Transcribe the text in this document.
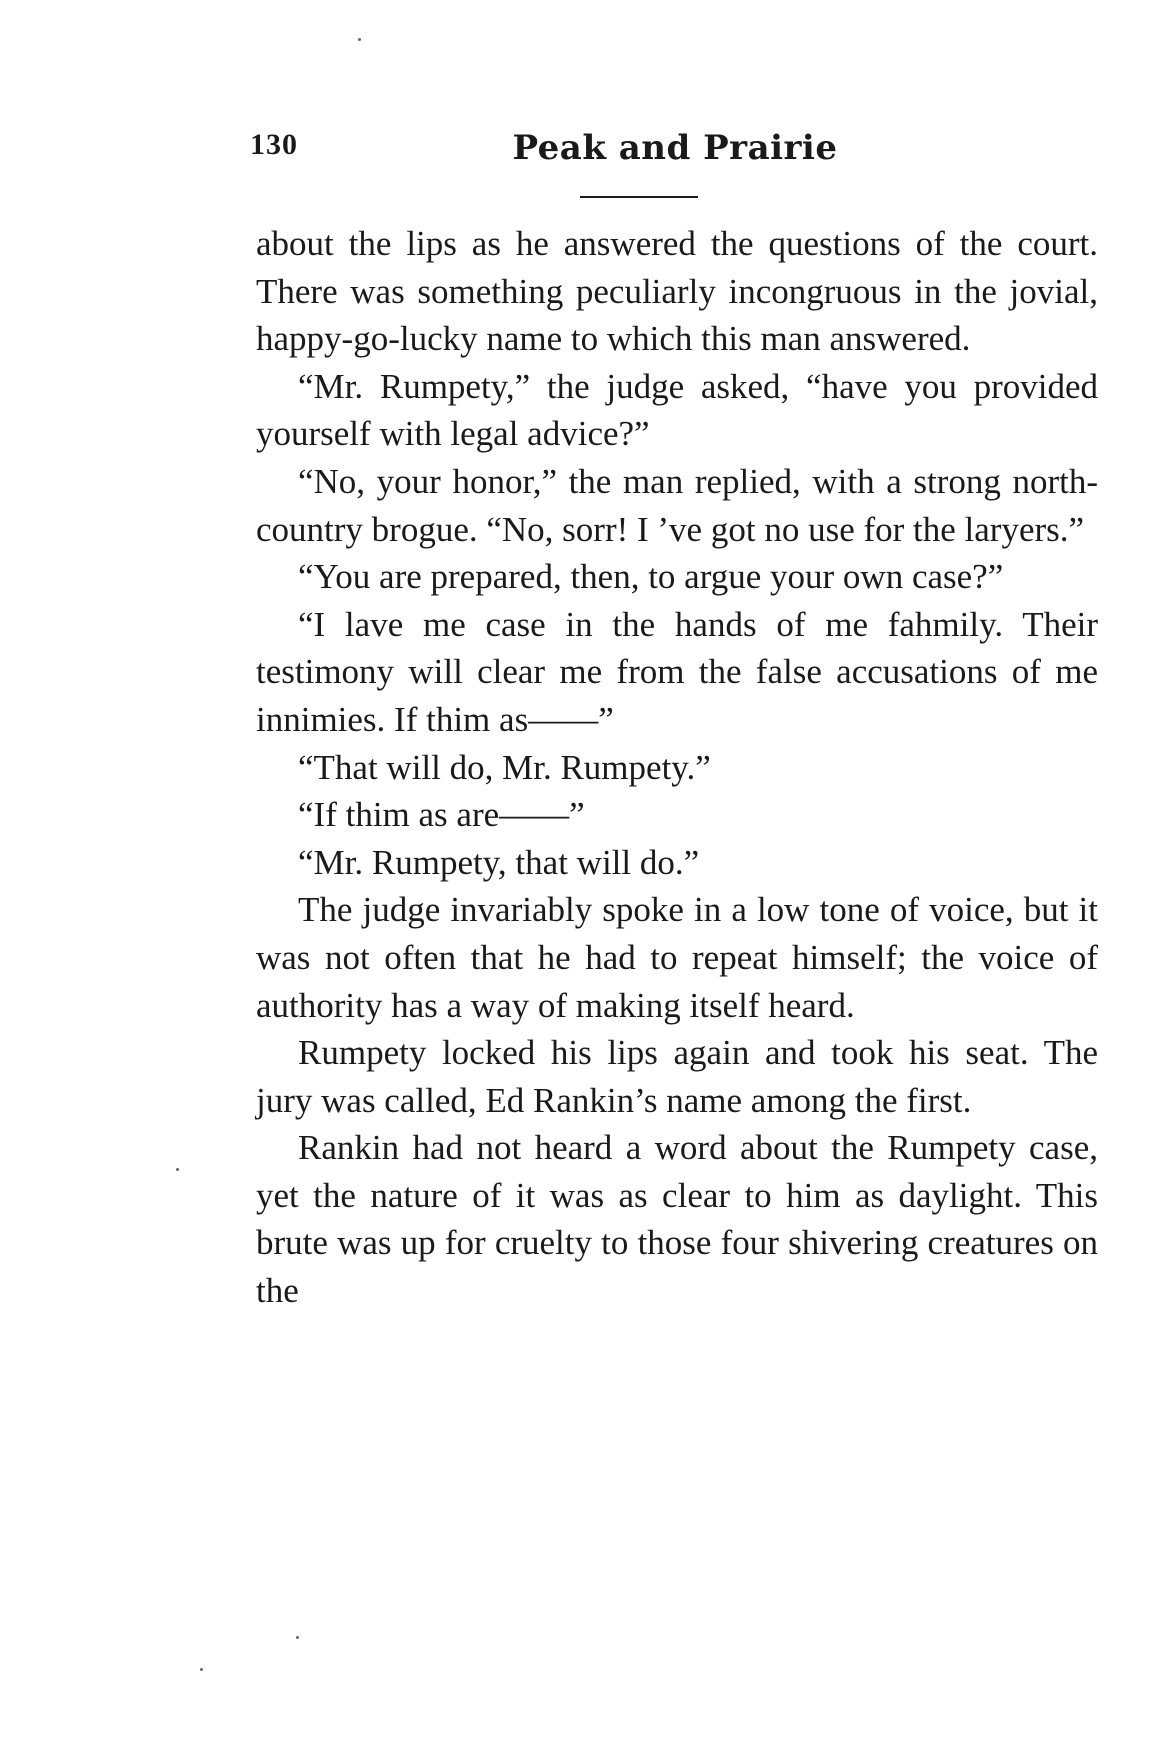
130	Peak and Prairie

about the lips as he answered the questions of the court. There was something peculiarly incongruous in the jovial, happy-go-lucky name to which this man answered.

“Mr. Rumpety,” the judge asked, “have you provided yourself with legal advice?”

“No, your honor,” the man replied, with a strong north-country brogue. “No, sorr! I ’ve got no use for the laryers.”

“You are prepared, then, to argue your own case?”

“I lave me case in the hands of me fahmily. Their testimony will clear me from the false accusations of me innimies. If thim as——”

“That will do, Mr. Rumpety.”

“If thim as are——”

“Mr. Rumpety, that will do.”

The judge invariably spoke in a low tone of voice, but it was not often that he had to repeat himself; the voice of authority has a way of making itself heard.

Rumpety locked his lips again and took his seat. The jury was called, Ed Rankin’s name among the first.

Rankin had not heard a word about the Rumpety case, yet the nature of it was as clear to him as daylight. This brute was up for cruelty to those four shivering creatures on the
